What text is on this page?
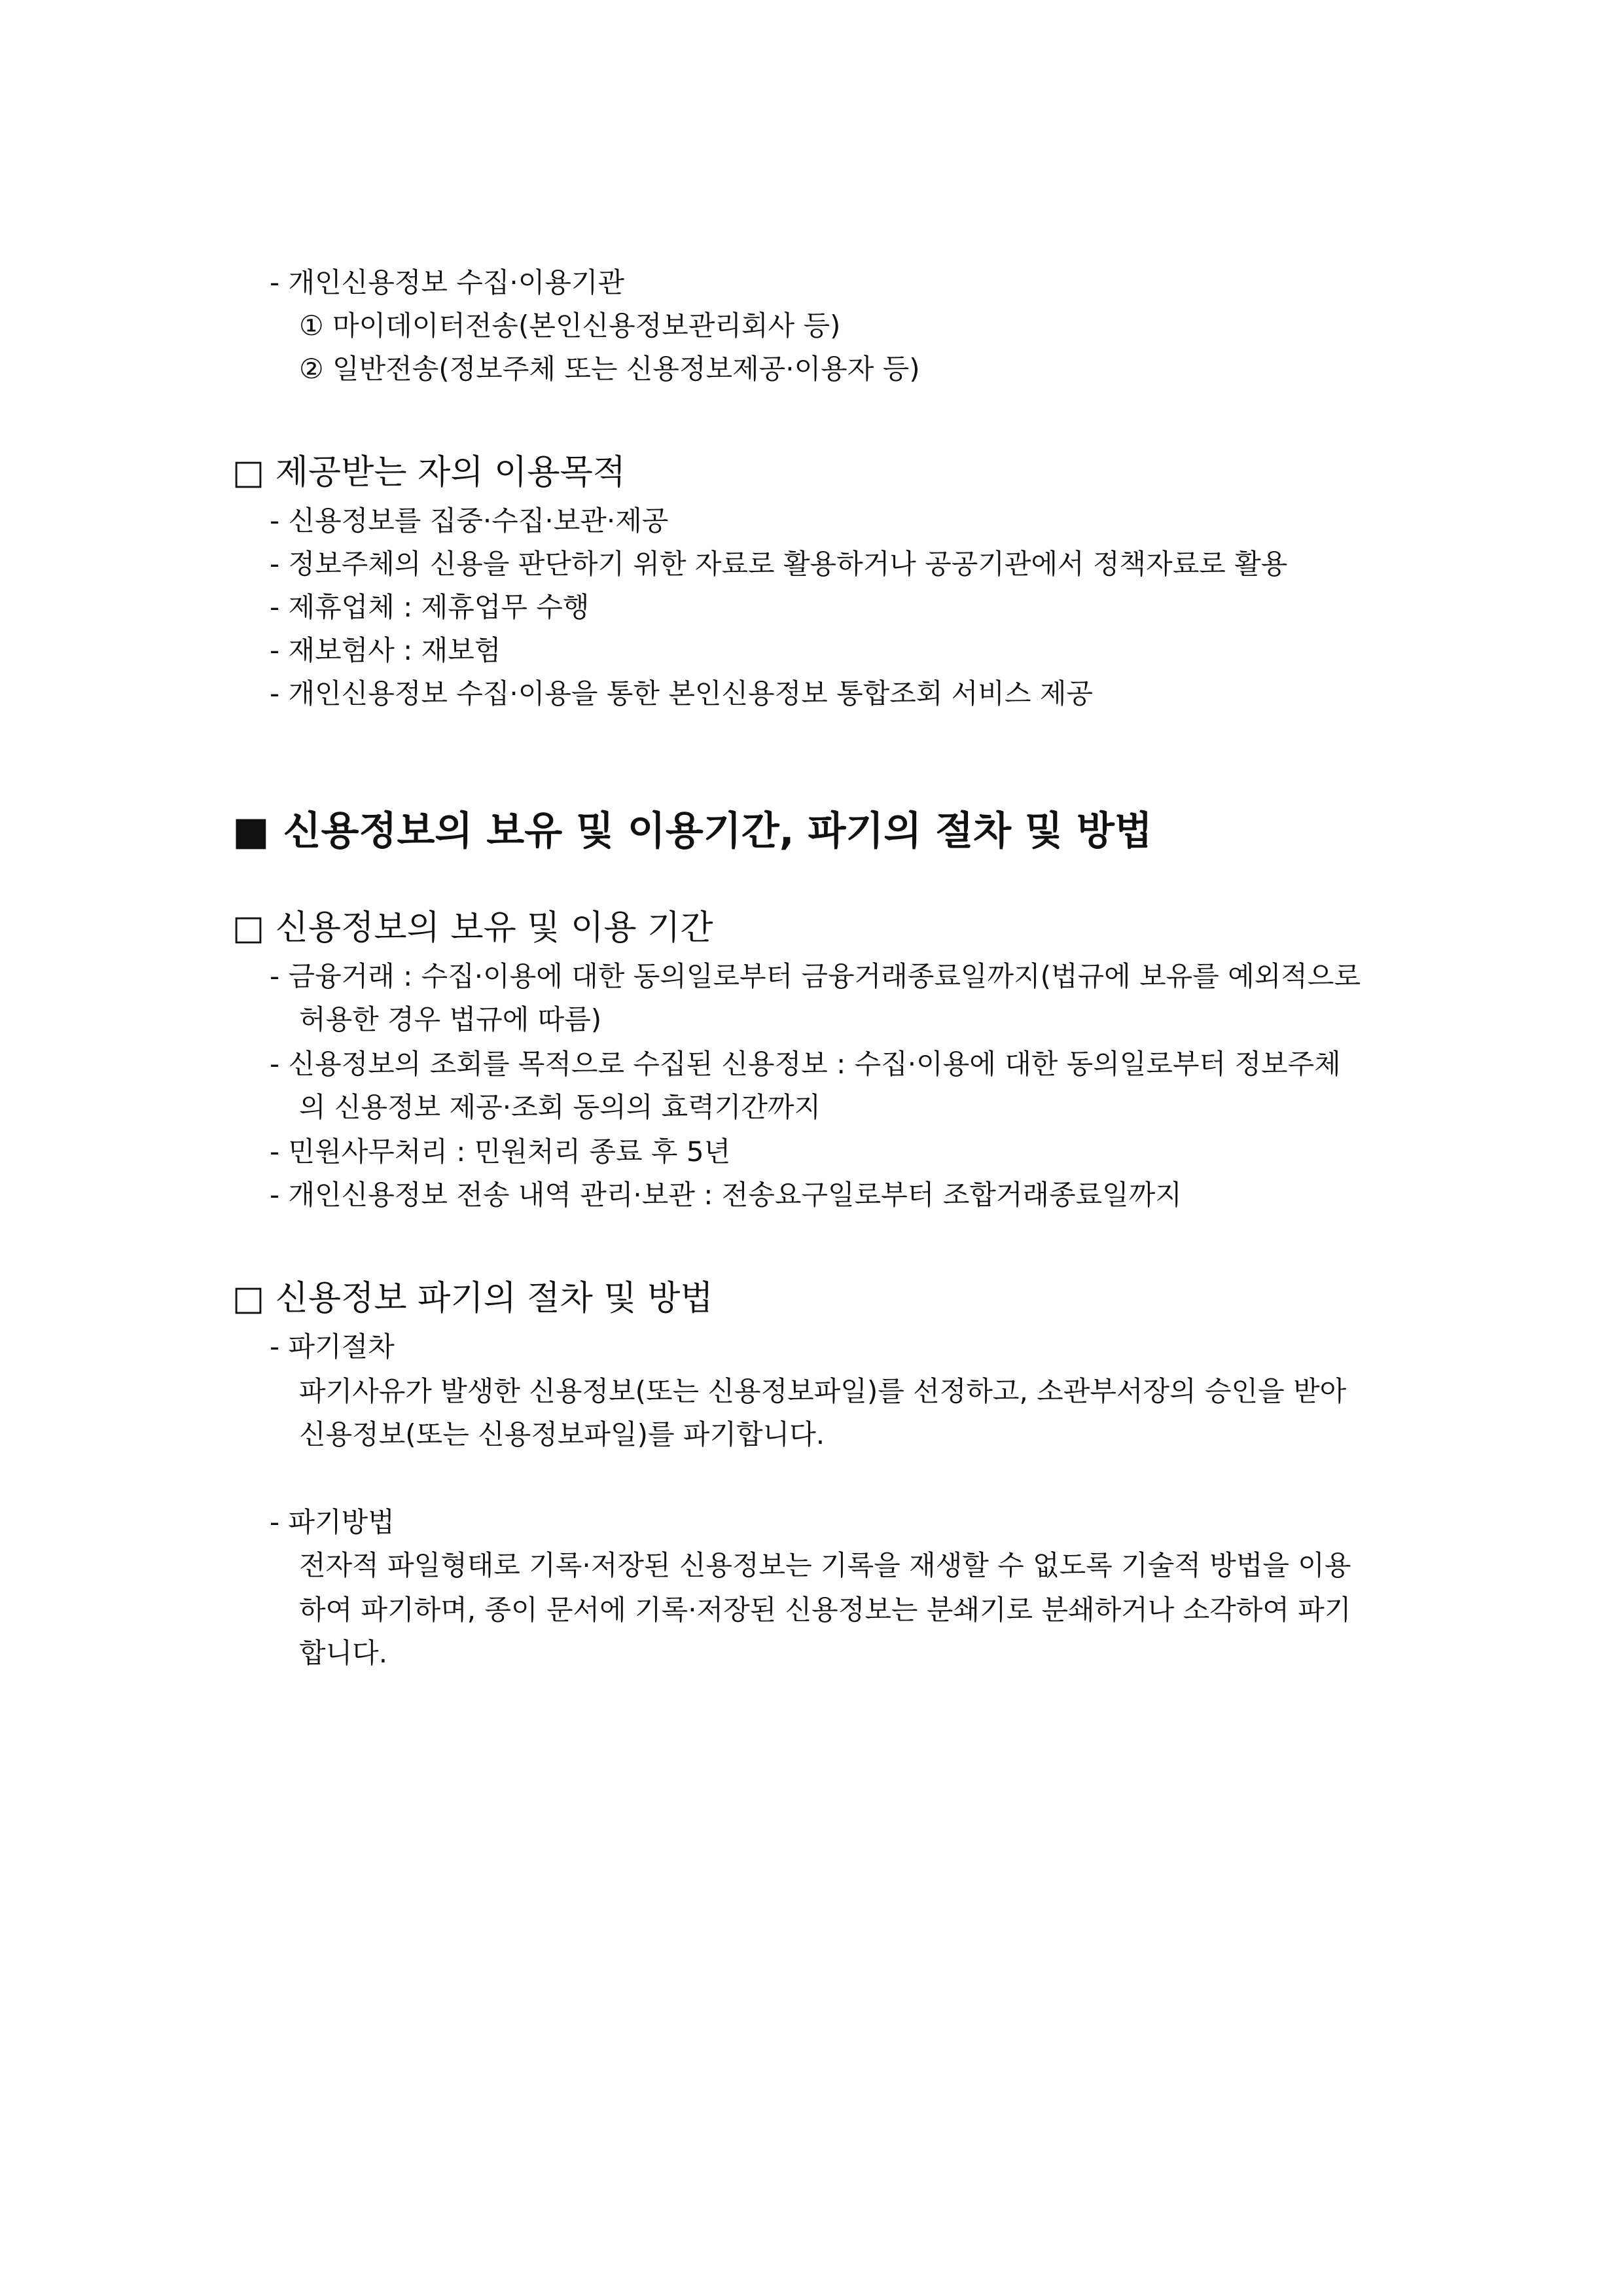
- 개인신용정보 수집·이용기관
① 마이데이터전송(본인신용정보관리회사 등)
② 일반전송(정보주체 또는 신용정보제공·이용자 등)
□ 제공받는 자의 이용목적
- 신용정보를 집중·수집·보관·제공
- 정보주체의 신용을 판단하기 위한 자료로 활용하거나 공공기관에서 정책자료로 활용
- 제휴업체 : 제휴업무 수행
- 재보험사 : 재보험
- 개인신용정보 수집·이용을 통한 본인신용정보 통합조회 서비스 제공
■ 신용정보의 보유 및 이용기간, 파기의 절차 및 방법
□ 신용정보의 보유 및 이용 기간
- 금융거래 : 수집·이용에 대한 동의일로부터 금융거래종료일까지(법규에 보유를 예외적으로
허용한 경우 법규에 따름)
- 신용정보의 조회를 목적으로 수집된 신용정보 : 수집·이용에 대한 동의일로부터 정보주체
의 신용정보 제공·조회 동의의 효력기간까지
- 민원사무처리 : 민원처리 종료 후 5년
- 개인신용정보 전송 내역 관리·보관 : 전송요구일로부터 조합거래종료일까지
□ 신용정보 파기의 절차 및 방법
- 파기절차
파기사유가 발생한 신용정보(또는 신용정보파일)를 선정하고, 소관부서장의 승인을 받아
신용정보(또는 신용정보파일)를 파기합니다.
- 파기방법
전자적 파일형태로 기록·저장된 신용정보는 기록을 재생할 수 없도록 기술적 방법을 이용
하여 파기하며, 종이 문서에 기록·저장된 신용정보는 분쇄기로 분쇄하거나 소각하여 파기
합니다.
